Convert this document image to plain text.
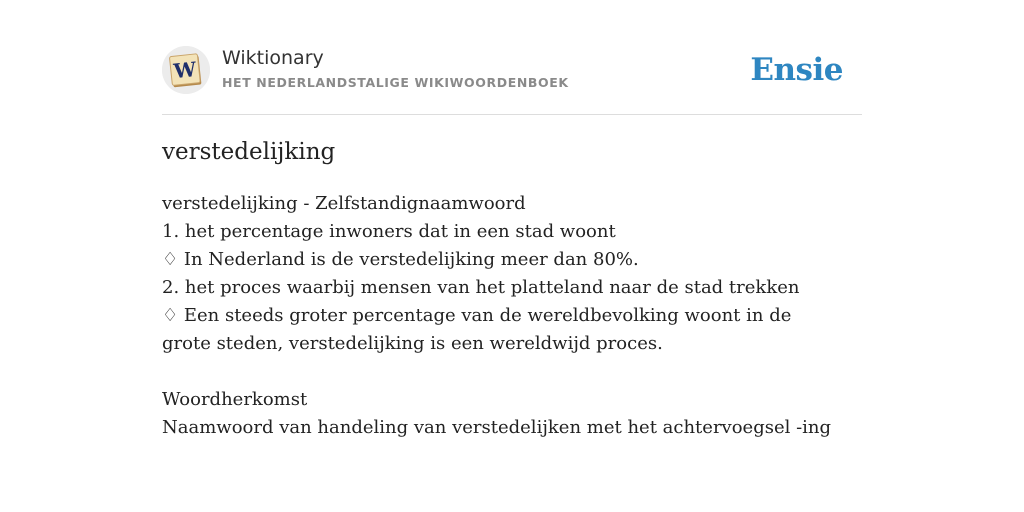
W Wiktionary
HET NEDERLANDSTALIGE WIKIWOORDENBOEK	Ensie
verstedelijking
verstedelijking - Zelfstandignaamwoord
1. het percentage inwoners dat in een stad woont
♢ In Nederland is de verstedelijking meer dan 80%.
2. het proces waarbij mensen van het platteland naar de stad trekken
♢ Een steeds groter percentage van de wereldbevolking woont in de grote steden, verstedelijking is een wereldwijd proces.
Woordherkomst
Naamwoord van handeling van verstedelijken met het achtervoegsel -ing
